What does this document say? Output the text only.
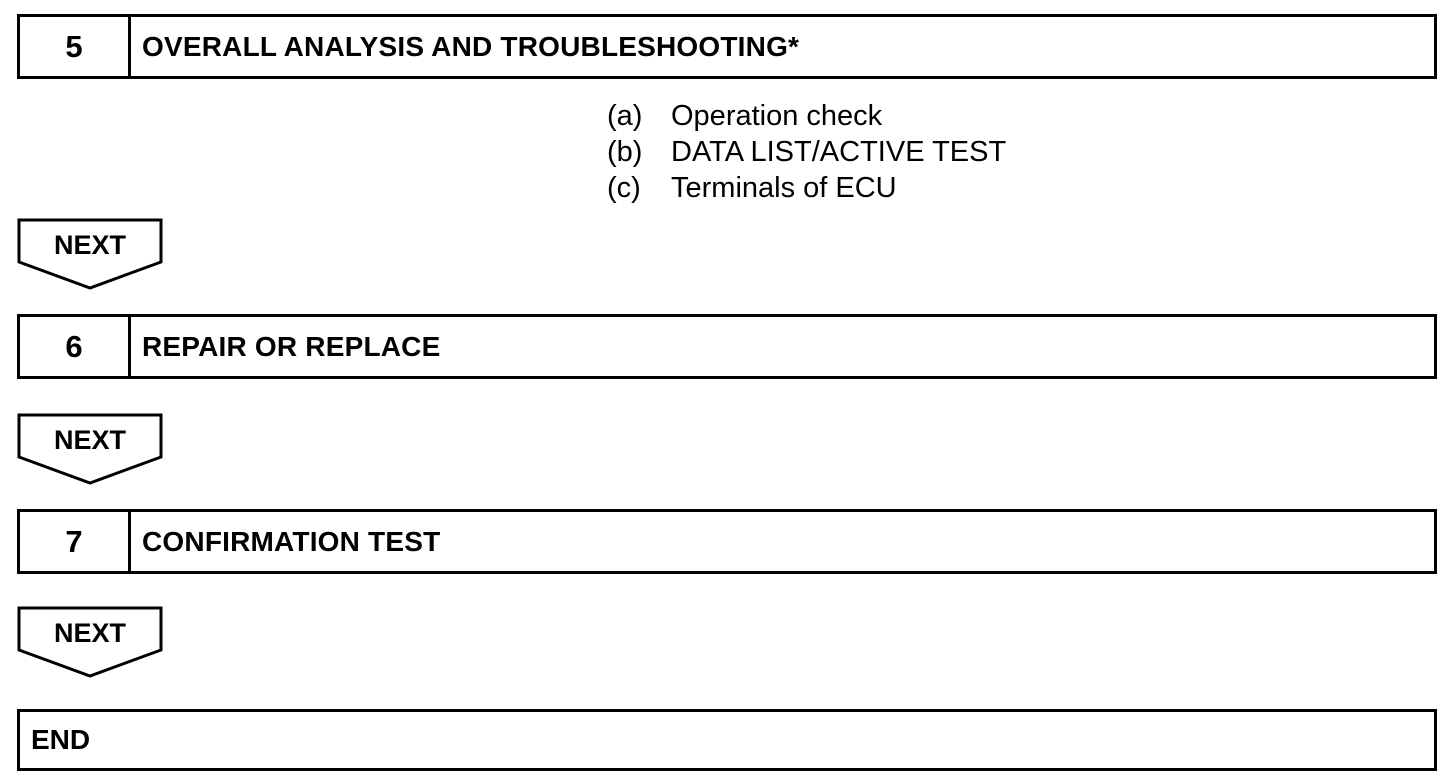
5	OVERALL ANALYSIS AND TROUBLESHOOTING*
(a) Operation check
(b) DATA LIST/ACTIVE TEST
(c)	Terminals of ECU
NEXT
6	REPAIR OR REPLACE
NEXT
7	CONFIRMATION TEST
NEXT
END
